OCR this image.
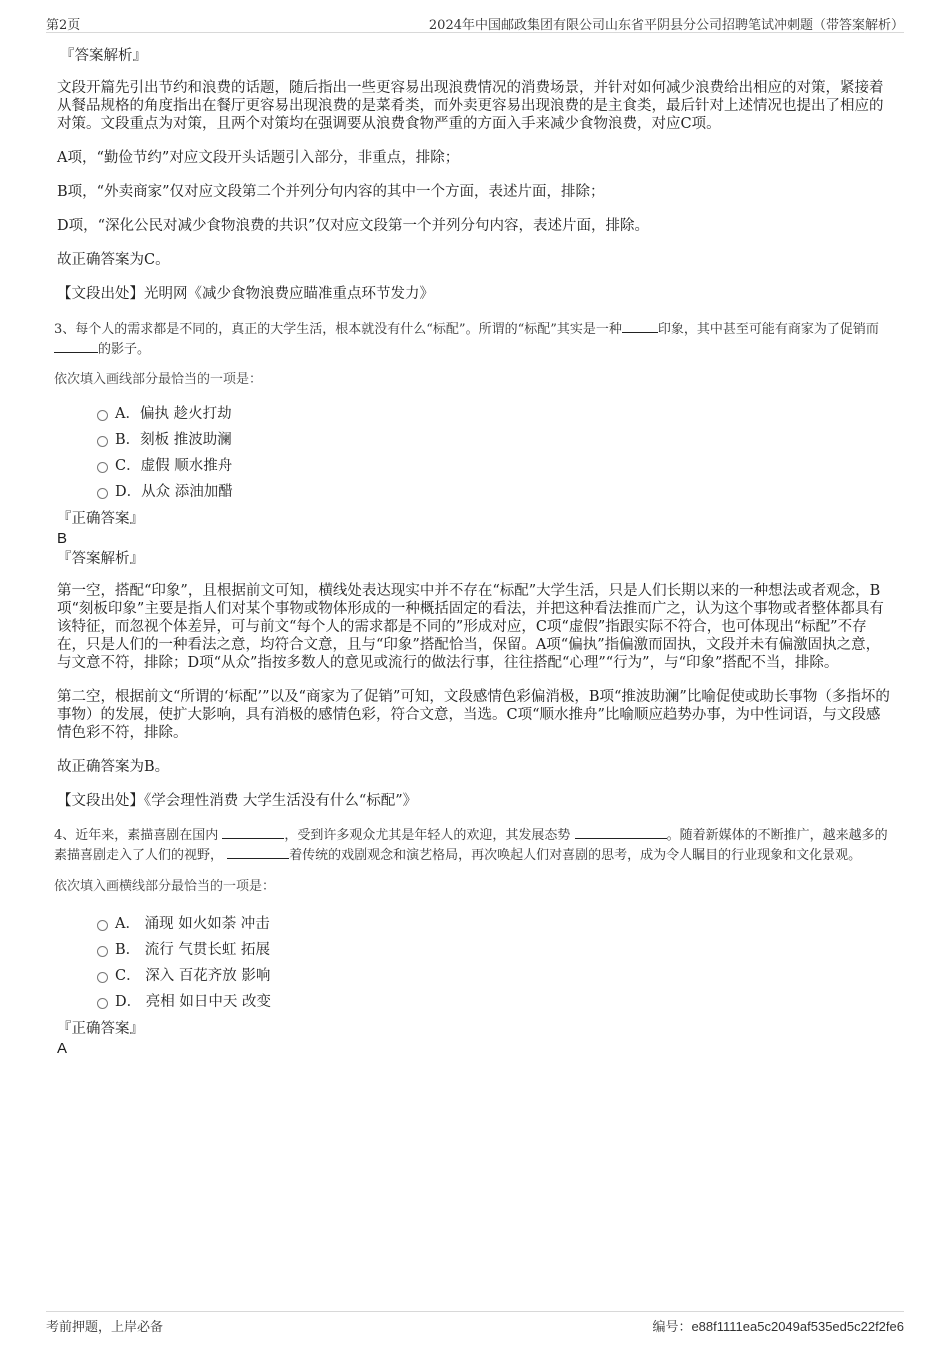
第2页	2024年中国邮政集团有限公司山东省平阴县分公司招聘笔试冲刺题（带答案解析）
『答案解析』

文段开篇先引出节约和浪费的话题，随后指出一些更容易出现浪费情况的消费场景，并针对如何减少浪费给出相应的对策，紧接着从餐品规格的角度指出在餐厅更容易出现浪费的是菜肴类，而外卖更容易出现浪费的是主食类，最后针对上述情况也提出了相应的对策。文段重点为对策，且两个对策均在强调要从浪费食物严重的方面入手来减少食物浪费，对应C项。

A项，“勤俭节约”对应文段开头话题引入部分，非重点，排除；

B项，“外卖商家”仅对应文段第二个并列分句内容的其中一个方面，表述片面，排除；

D项，“深化公民对减少食物浪费的共识”仅对应文段第一个并列分句内容，表述片面，排除。

故正确答案为C。

【文段出处】光明网《减少食物浪费应瞄准重点环节发力》

3、每个人的需求都是不同的，真正的大学生活，根本就没有什么“标配”。所谓的“标配”其实是一种	印象，其中甚至可能有商家为了促销而的影子。

依次填入画线部分最恰当的一项是：
A．偏执 趁火打劫
B．刻板 推波助澜
C．虚假 顺水推舟
D．从众 添油加醋
『正确答案』
B
『答案解析』

第一空，搭配“印象”，且根据前文可知，横线处表达现实中并不存在“标配”大学生活，只是人们长期以来的一种想法或者观念，B项“刻板印象”主要是指人们对某个事物或物体形成的一种概括固定的看法，并把这种看法推而广之，认为这个事物或者整体都具有该特征，而忽视个体差异，可与前文“每个人的需求都是不同的”形成对应，C项“虚假”指跟实际不符合，也可体现出“标配”不存在，只是人们的一种看法之意，均符合文意，且与“印象”搭配恰当，保留。A项“偏执”指偏激而固执，文段并未有偏激固执之意，与文意不符，排除；D项“从众”指按多数人的意见或流行的做法行事，往往搭配“心理”“行为”，与“印象”搭配不当，排除。

第二空，根据前文“所谓的‘标配’”以及“商家为了促销”可知，文段感情色彩偏消极，B项“推波助澜”比喻促使或助长事物（多指坏的事物）的发展，使扩大影响，具有消极的感情色彩，符合文意，当选。C项“顺水推舟”比喻顺应趋势办事，为中性词语，与文段感情色彩不符，排除。

故正确答案为B。

【文段出处】《学会理性消费 大学生活没有什么“标配”》

4、近年来，素描喜剧在国内	，受到许多观众尤其是年轻人的欢迎，其发展态势	。随着新媒体的不断推广，越来越多的素描喜剧走入了人们的视野，	着传统的戏剧观念和演艺格局，再次唤起人们对喜剧的思考，成为令人瞩目的行业现象和文化景观。

依次填入画横线部分最恰当的一项是：
A． 涌现 如火如荼 冲击
B． 流行 气贯长虹 拓展
C． 深入 百花齐放 影响
D． 亮相 如日中天 改变
『正确答案』
A
考前押题，上岸必备	编号：e88f1111ea5c2049af535ed5c22f2fe6
